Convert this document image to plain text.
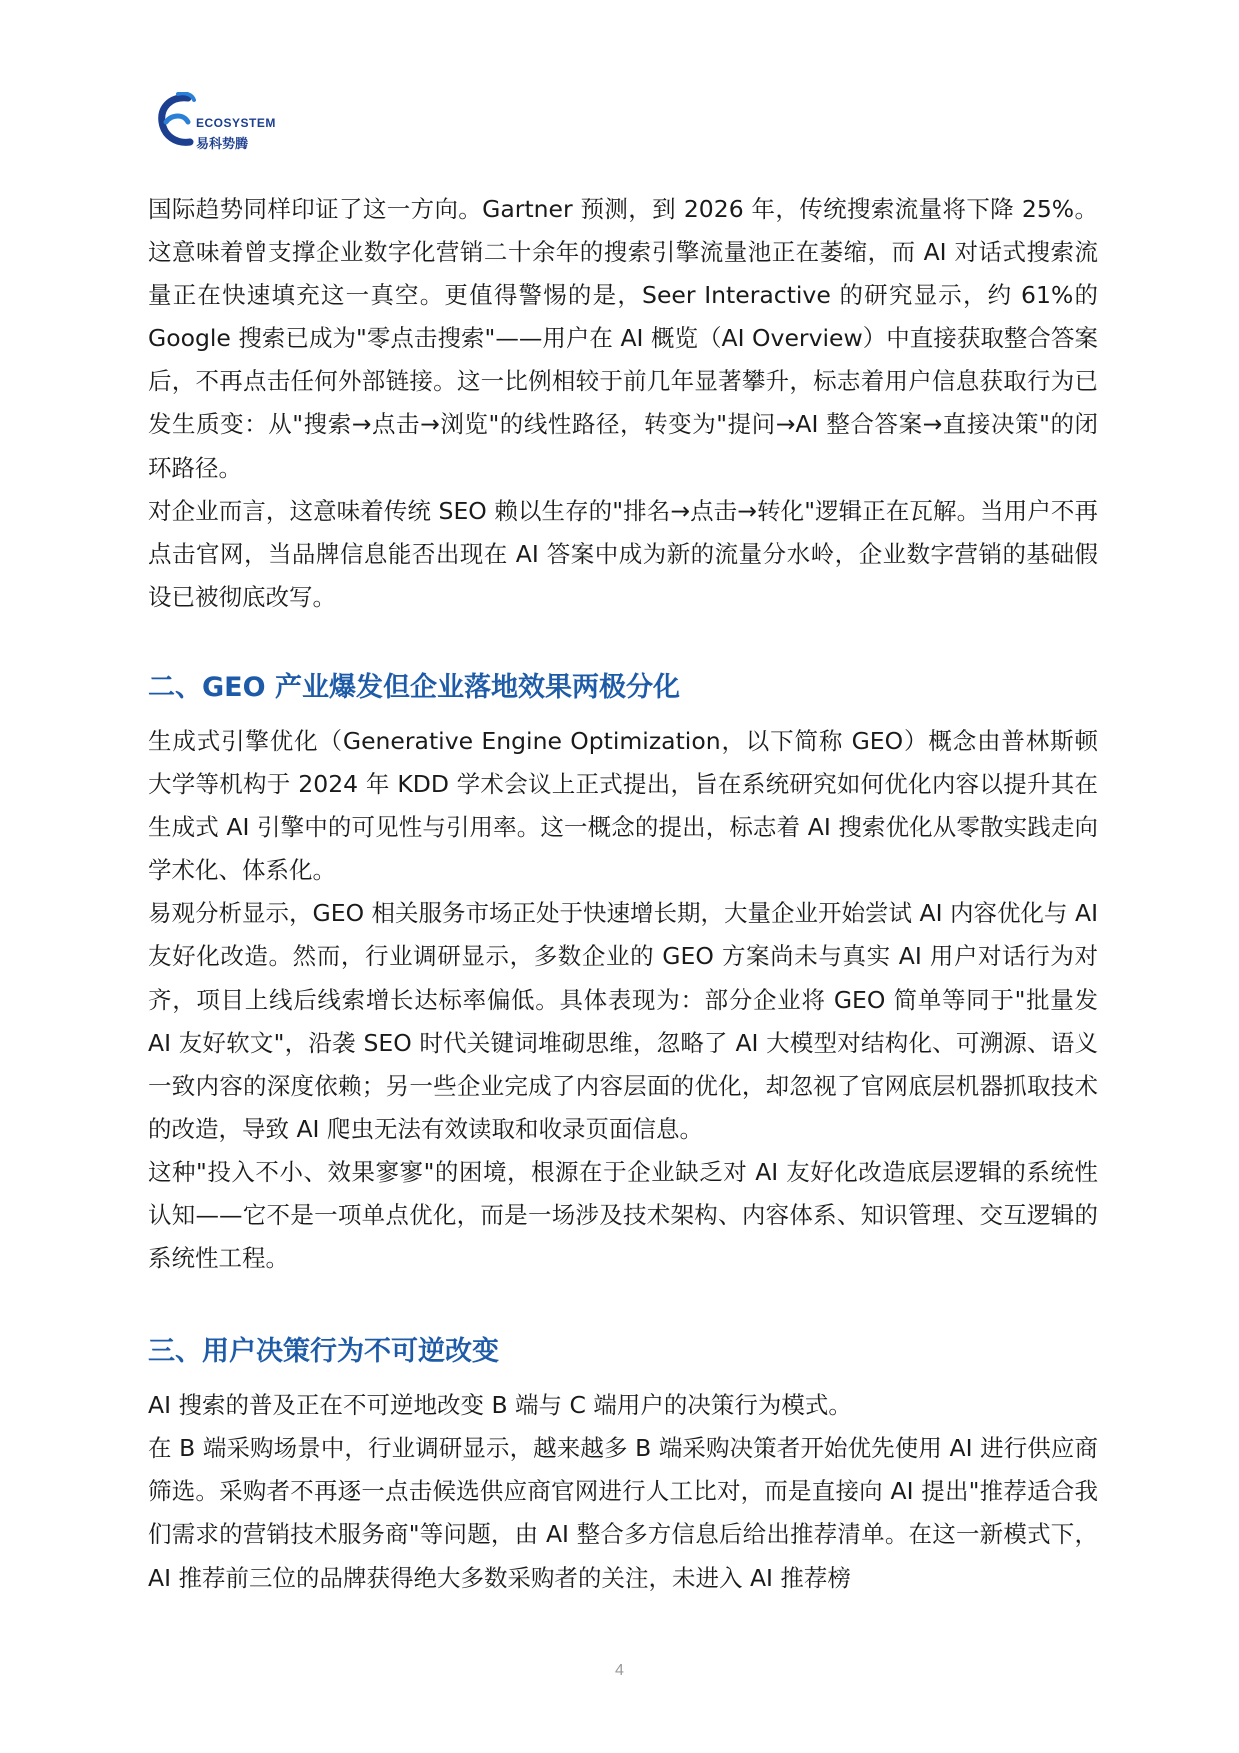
ECOSYSTEM
易科势腾

国际趋势同样印证了这一方向。Gartner 预测，到 2026 年，传统搜索流量将下降 25%。这意味着曾支撑企业数字化营销二十余年的搜索引擎流量池正在萎缩，而 AI 对话式搜索流量正在快速填充这一真空。更值得警惕的是，Seer Interactive 的研究显示，约 61%的 Google 搜索已成为"零点击搜索"——用户在 AI 概览（AI Overview）中直接获取整合答案后，不再点击任何外部链接。这一比例相较于前几年显著攀升，标志着用户信息获取行为已发生质变：从"搜索→点击→浏览"的线性路径，转变为"提问→AI 整合答案→直接决策"的闭环路径。

对企业而言，这意味着传统 SEO 赖以生存的"排名→点击→转化"逻辑正在瓦解。当用户不再点击官网，当品牌信息能否出现在 AI 答案中成为新的流量分水岭，企业数字营销的基础假设已被彻底改写。

二、GEO 产业爆发但企业落地效果两极分化

生成式引擎优化（Generative Engine Optimization，以下简称 GEO）概念由普林斯顿大学等机构于 2024 年 KDD 学术会议上正式提出，旨在系统研究如何优化内容以提升其在生成式 AI 引擎中的可见性与引用率。这一概念的提出，标志着 AI 搜索优化从零散实践走向学术化、体系化。

易观分析显示，GEO 相关服务市场正处于快速增长期，大量企业开始尝试 AI 内容优化与 AI 友好化改造。然而，行业调研显示，多数企业的 GEO 方案尚未与真实 AI 用户对话行为对齐，项目上线后线索增长达标率偏低。具体表现为：部分企业将 GEO 简单等同于"批量发 AI 友好软文"，沿袭 SEO 时代关键词堆砌思维，忽略了 AI 大模型对结构化、可溯源、语义一致内容的深度依赖；另一些企业完成了内容层面的优化，却忽视了官网底层机器抓取技术的改造，导致 AI 爬虫无法有效读取和收录页面信息。

这种"投入不小、效果寥寥"的困境，根源在于企业缺乏对 AI 友好化改造底层逻辑的系统性认知——它不是一项单点优化，而是一场涉及技术架构、内容体系、知识管理、交互逻辑的系统性工程。

三、用户决策行为不可逆改变

AI 搜索的普及正在不可逆地改变 B 端与 C 端用户的决策行为模式。

在 B 端采购场景中，行业调研显示，越来越多 B 端采购决策者开始优先使用 AI 进行供应商筛选。采购者不再逐一点击候选供应商官网进行人工比对，而是直接向 AI 提出"推荐适合我们需求的营销技术服务商"等问题，由 AI 整合多方信息后给出推荐清单。在这一新模式下，AI 推荐前三位的品牌获得绝大多数采购者的关注，未进入 AI 推荐榜

4
